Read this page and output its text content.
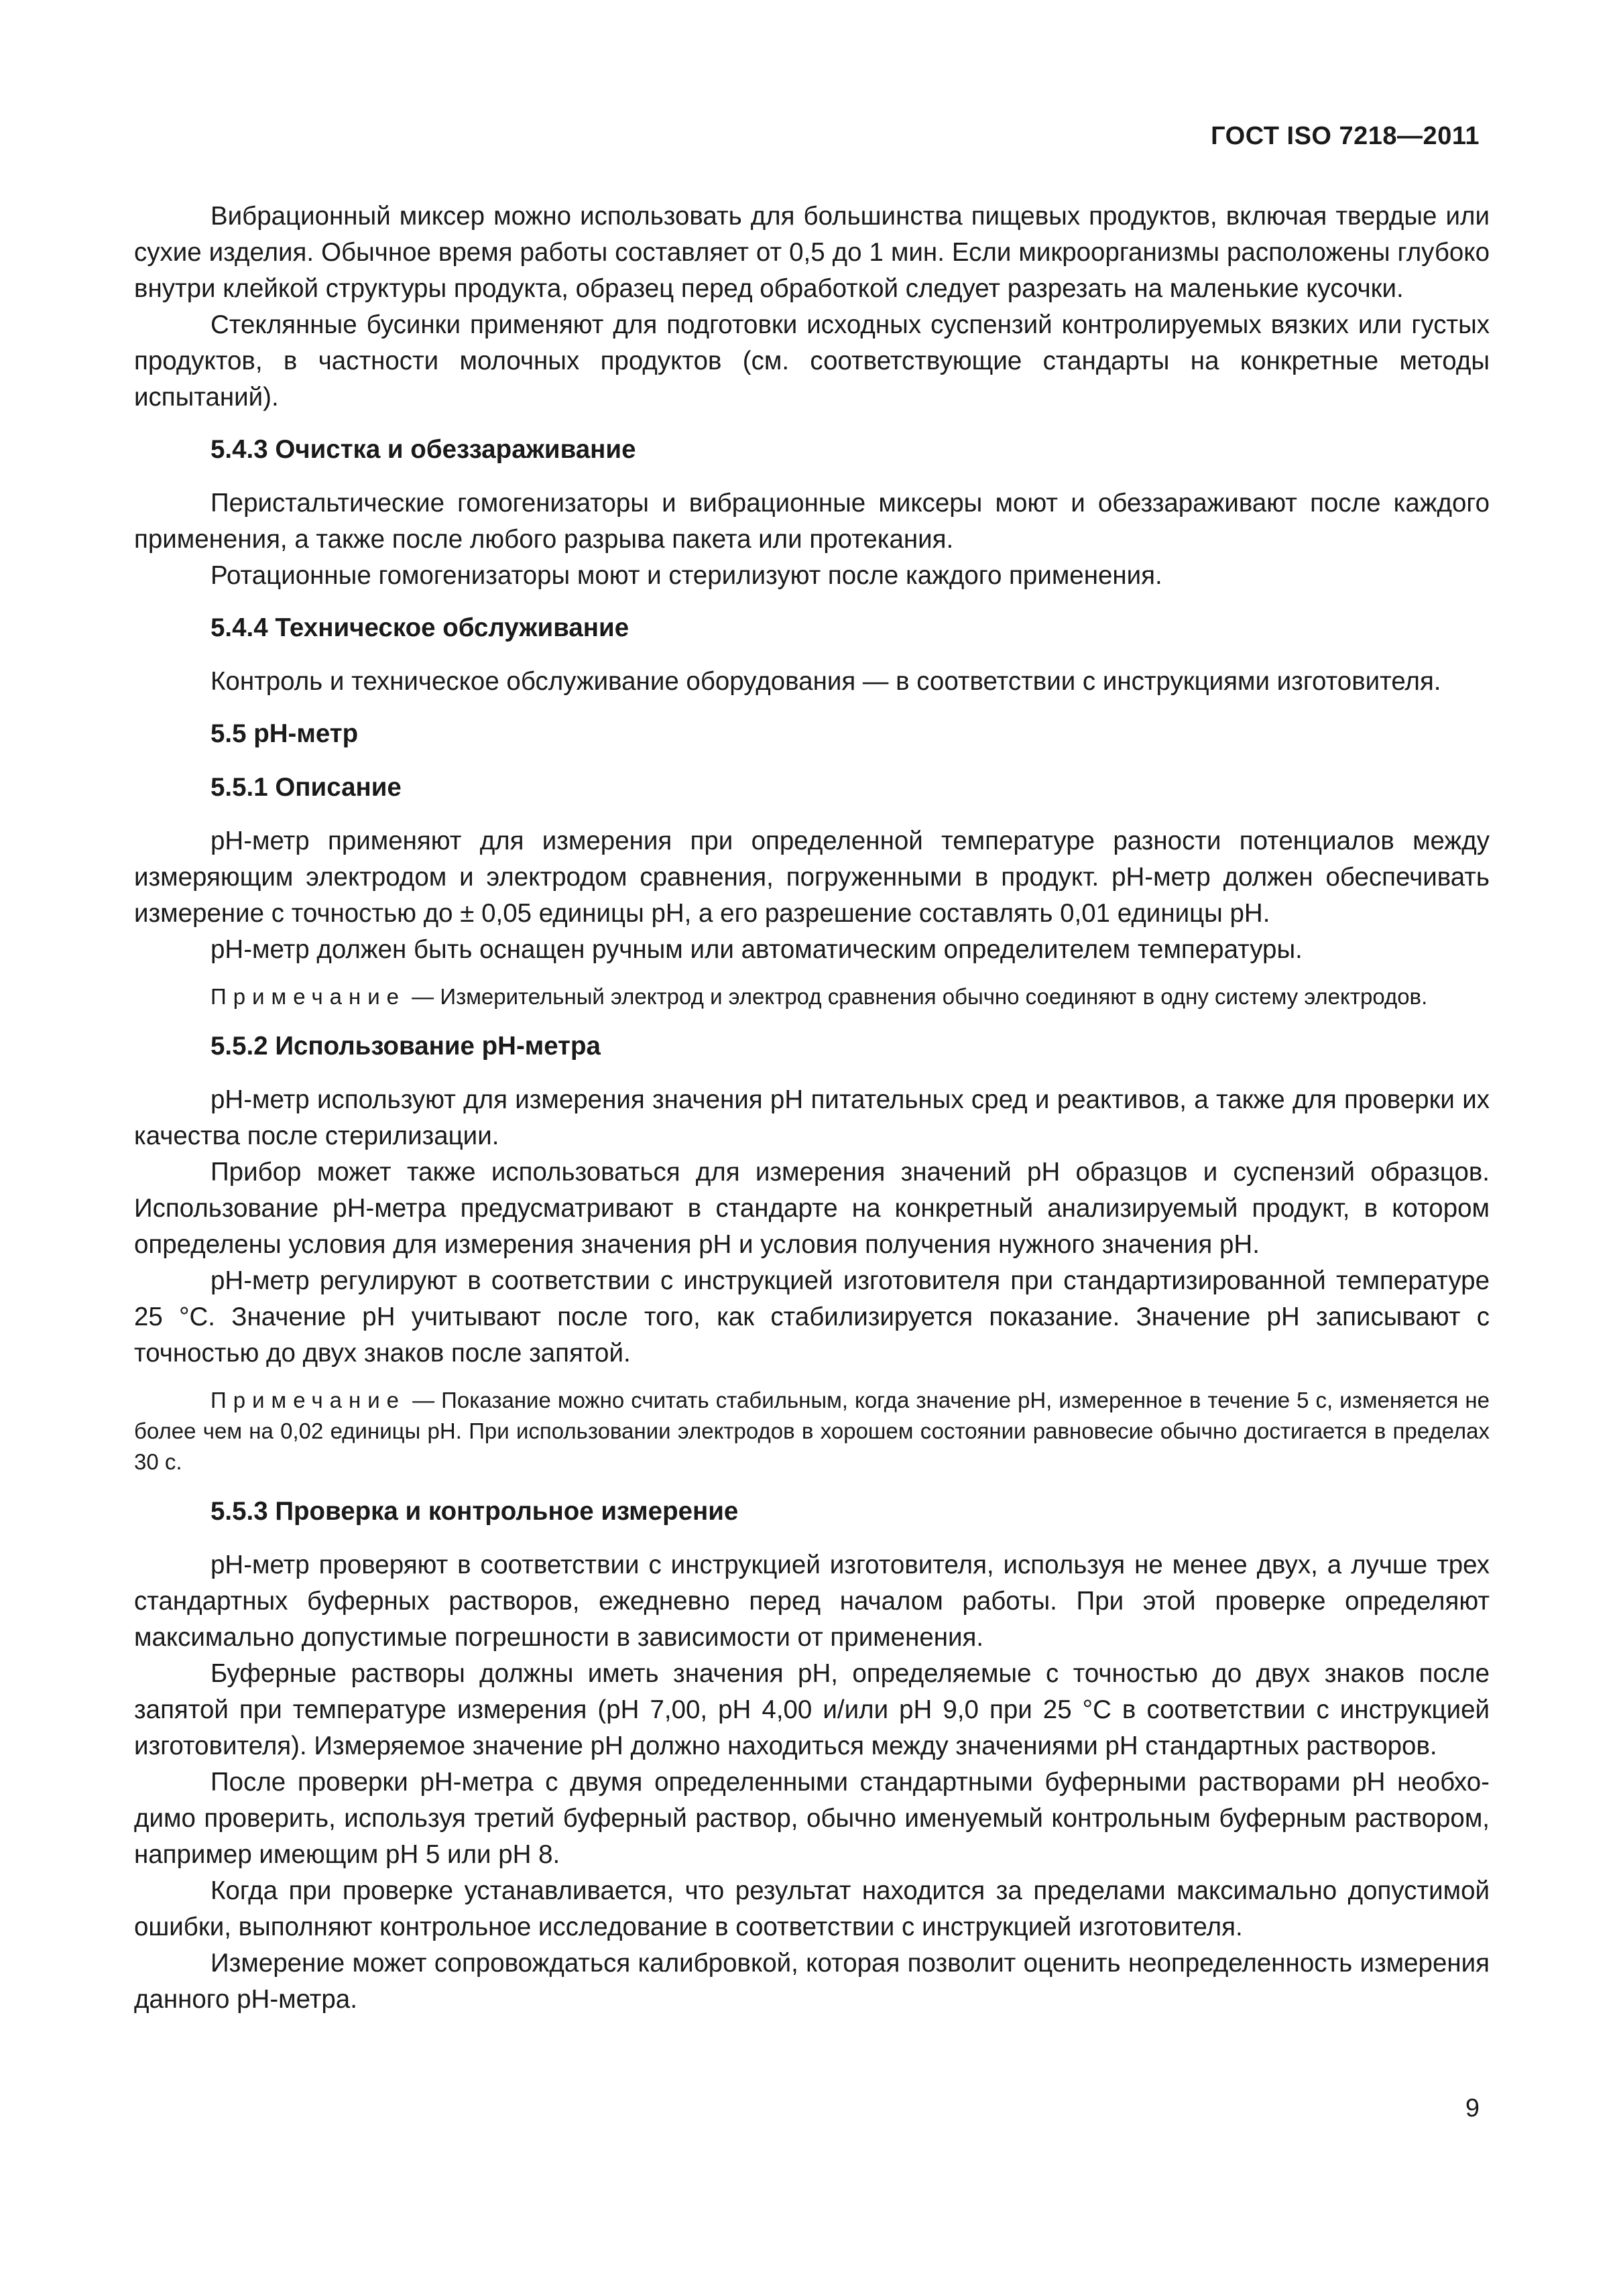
ГОСТ ISO 7218—2011

Вибрационный миксер можно использовать для большинства пищевых продуктов, включая твердые или сухие изделия. Обычное время работы составляет от 0,5 до 1 мин. Если микроорганизмы расположены глубоко внутри клейкой структуры продукта, образец перед обработкой следует разрезать на маленькие кусочки.

Стеклянные бусинки применяют для подготовки исходных суспензий контролируемых вязких или густых продуктов, в частности молочных продуктов (см. соответствующие стандарты на конкретные методы испытаний).

5.4.3 Очистка и обеззараживание

Перистальтические гомогенизаторы и вибрационные миксеры моют и обеззараживают после каждого применения, а также после любого разрыва пакета или протекания.

Ротационные гомогенизаторы моют и стерилизуют после каждого применения.

5.4.4 Техническое обслуживание

Контроль и техническое обслуживание оборудования — в соответствии с инструкциями изготовителя.

5.5 pH-метр
5.5.1 Описание

pH-метр применяют для измерения при определенной температуре разности потенциалов между измеряющим электродом и электродом сравнения, погруженными в продукт. pH-метр должен обеспечивать измерение с точностью до ± 0,05 единицы pH, а его разрешение составлять 0,01 единицы pH.

pH-метр должен быть оснащен ручным или автоматическим определителем температуры.

Примечание — Измерительный электрод и электрод сравнения обычно соединяют в одну систему электродов.

5.5.2 Использование pH-метра

pH-метр используют для измерения значения pH питательных сред и реактивов, а также для проверки их качества после стерилизации.

Прибор может также использоваться для измерения значений pH образцов и суспензий образцов. Использование pH-метра предусматривают в стандарте на конкретный анализируемый продукт, в котором определены условия для измерения значения pH и условия получения нужного значения pH.

pH-метр регулируют в соответствии с инструкцией изготовителя при стандартизированной температуре 25 °С. Значение pH учитывают после того, как стабилизируется показание. Значение pH записывают с точностью до двух знаков после запятой.

Примечание — Показание можно считать стабильным, когда значение pH, измеренное в течение 5 с, изменяется не более чем на 0,02 единицы pH. При использовании электродов в хорошем состоянии равновесие обычно достигается в пределах 30 с.

5.5.3 Проверка и контрольное измерение

pH-метр проверяют в соответствии с инструкцией изготовителя, используя не менее двух, а лучше трех стандартных буферных растворов, ежедневно перед началом работы. При этой проверке определяют максимально допустимые погрешности в зависимости от применения.

Буферные растворы должны иметь значения pH, определяемые с точностью до двух знаков после запятой при температуре измерения (pH 7,00, pH 4,00 и/или pH 9,0 при 25 °С в соответствии с инструкцией изготовителя). Измеряемое значение pH должно находиться между значениями pH стандартных растворов.

После проверки pH-метра с двумя определенными стандартными буферными растворами pH необходимо проверить, используя третий буферный раствор, обычно именуемый контрольным буферным раствором, например имеющим pH 5 или pH 8.

Когда при проверке устанавливается, что результат находится за пределами максимально допустимой ошибки, выполняют контрольное исследование в соответствии с инструкцией изготовителя.

Измерение может сопровождаться калибровкой, которая позволит оценить неопределенность измерения данного pH-метра.

9
